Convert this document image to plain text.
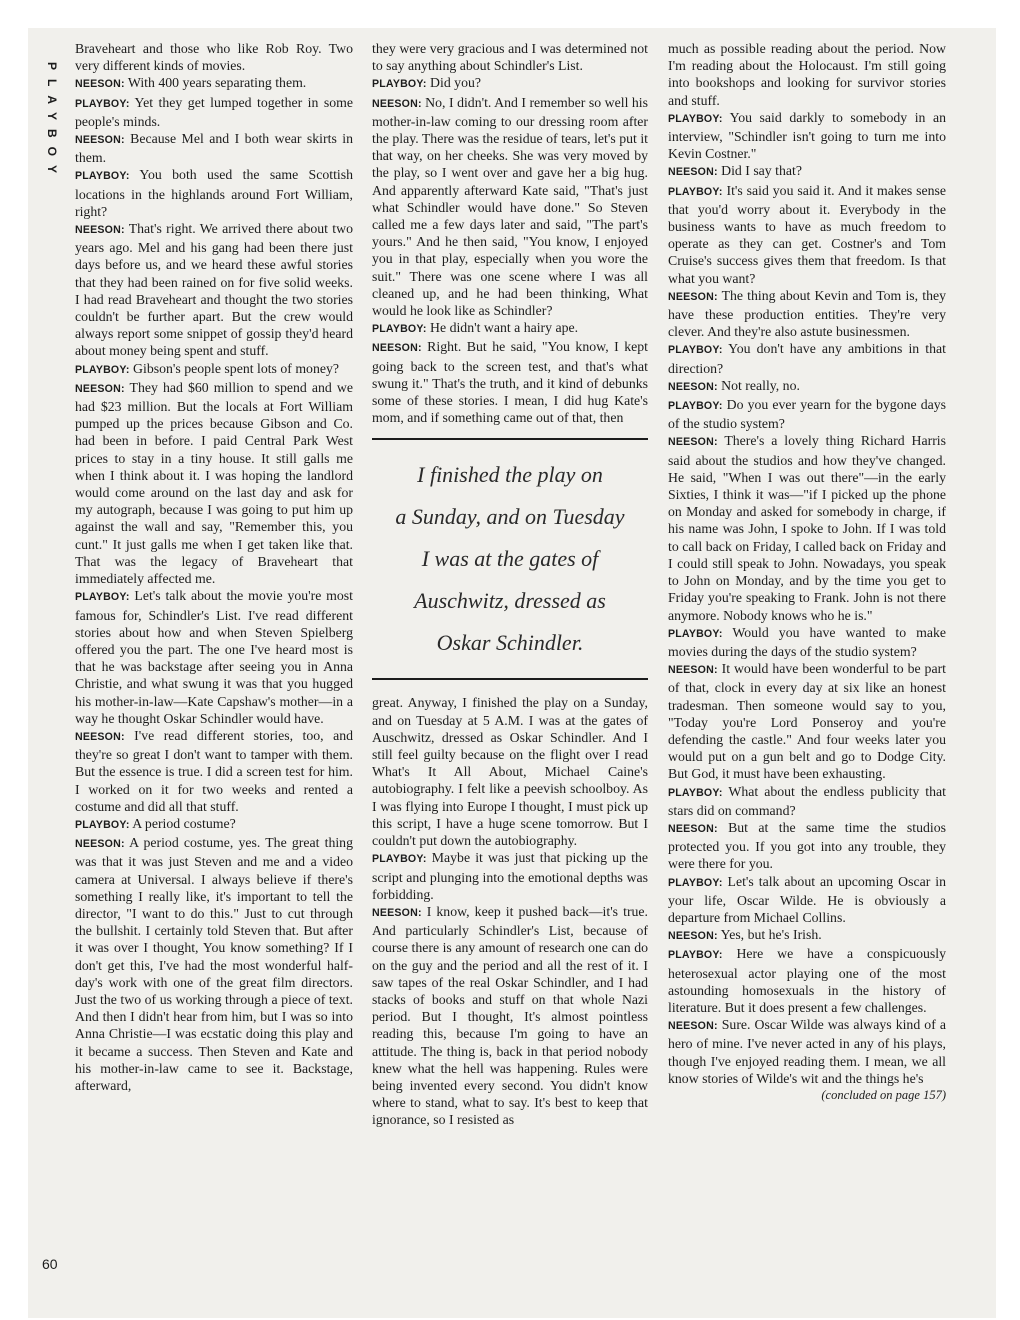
PLAYBOY

Braveheart and those who like Rob Roy. Two very different kinds of movies.

NEESON: With 400 years separating them.

PLAYBOY: Yet they get lumped together in some people's minds.

NEESON: Because Mel and I both wear skirts in them.

PLAYBOY: You both used the same Scottish locations in the highlands around Fort William, right?

NEESON: That's right. We arrived there about two years ago. Mel and his gang had been there just days before us, and we heard these awful stories that they had been rained on for five solid weeks. I had read Braveheart and thought the two stories couldn't be further apart. But the crew would always report some snippet of gossip they'd heard about money being spent and stuff.

PLAYBOY: Gibson's people spent lots of money?

NEESON: They had $60 million to spend and we had $23 million. But the locals at Fort William pumped up the prices because Gibson and Co. had been in before. I paid Central Park West prices to stay in a tiny house. It still galls me when I think about it. I was hoping the landlord would come around on the last day and ask for my autograph, because I was going to put him up against the wall and say, "Remember this, you cunt." It just galls me when I get taken like that. That was the legacy of Braveheart that immediately affected me.

PLAYBOY: Let's talk about the movie you're most famous for, Schindler's List. I've read different stories about how and when Steven Spielberg offered you the part. The one I've heard most is that he was backstage after seeing you in Anna Christie, and what swung it was that you hugged his mother-in-law—Kate Capshaw's mother—in a way he thought Oskar Schindler would have.

NEESON: I've read different stories, too, and they're so great I don't want to tamper with them. But the essence is true. I did a screen test for him. I worked on it for two weeks and rented a costume and did all that stuff.

PLAYBOY: A period costume?

NEESON: A period costume, yes. The great thing was that it was just Steven and me and a video camera at Universal. I always believe if there's something I really like, it's important to tell the director, "I want to do this." Just to cut through the bullshit. I certainly told Steven that. But after it was over I thought, You know something? If I don't get this, I've had the most wonderful half-day's work with one of the great film directors. Just the two of us working through a piece of text. And then I didn't hear from him, but I was so into Anna Christie—I was ecstatic doing this play and it became a success. Then Steven and Kate and his mother-in-law came to see it. Backstage, afterward,

they were very gracious and I was determined not to say anything about Schindler's List.

PLAYBOY: Did you?

NEESON: No, I didn't. And I remember so well his mother-in-law coming to our dressing room after the play. There was the residue of tears, let's put it that way, on her cheeks. She was very moved by the play, so I went over and gave her a big hug. And apparently afterward Kate said, "That's just what Schindler would have done." So Steven called me a few days later and said, "The part's yours." And he then said, "You know, I enjoyed you in that play, especially when you wore the suit." There was one scene where I was all cleaned up, and he had been thinking, What would he look like as Schindler?

PLAYBOY: He didn't want a hairy ape.

NEESON: Right. But he said, "You know, I kept going back to the screen test, and that's what swung it." That's the truth, and it kind of debunks some of these stories. I mean, I did hug Kate's mom, and if something came out of that, then

I finished the play on
a Sunday, and on Tuesday
I was at the gates of
Auschwitz, dressed as
Oskar Schindler.

great. Anyway, I finished the play on a Sunday, and on Tuesday at 5 A.M. I was at the gates of Auschwitz, dressed as Oskar Schindler. And I still feel guilty because on the flight over I read What's It All About, Michael Caine's autobiography. I felt like a peevish schoolboy. As I was flying into Europe I thought, I must pick up this script, I have a huge scene tomorrow. But I couldn't put down the autobiography.

PLAYBOY: Maybe it was just that picking up the script and plunging into the emotional depths was forbidding.

NEESON: I know, keep it pushed back—it's true. And particularly Schindler's List, because of course there is any amount of research one can do on the guy and the period and all the rest of it. I saw tapes of the real Oskar Schindler, and I had stacks of books and stuff on that whole Nazi period. But I thought, It's almost pointless reading this, because I'm going to have an attitude. The thing is, back in that period nobody knew what the hell was happening. Rules were being invented every second. You didn't know where to stand, what to say. It's best to keep that ignorance, so I resisted as

much as possible reading about the period. Now I'm reading about the Holocaust. I'm still going into bookshops and looking for survivor stories and stuff.

PLAYBOY: You said darkly to somebody in an interview, "Schindler isn't going to turn me into Kevin Costner."

NEESON: Did I say that?

PLAYBOY: It's said you said it. And it makes sense that you'd worry about it. Everybody in the business wants to have as much freedom to operate as they can get. Costner's and Tom Cruise's success gives them that freedom. Is that what you want?

NEESON: The thing about Kevin and Tom is, they have these production entities. They're very clever. And they're also astute businessmen.

PLAYBOY: You don't have any ambitions in that direction?

NEESON: Not really, no.

PLAYBOY: Do you ever yearn for the bygone days of the studio system?

NEESON: There's a lovely thing Richard Harris said about the studios and how they've changed. He said, "When I was out there"—in the early Sixties, I think it was—"if I picked up the phone on Monday and asked for somebody in charge, if his name was John, I spoke to John. If I was told to call back on Friday, I called back on Friday and I could still speak to John. Nowadays, you speak to John on Monday, and by the time you get to Friday you're speaking to Frank. John is not there anymore. Nobody knows who he is."

PLAYBOY: Would you have wanted to make movies during the days of the studio system?

NEESON: It would have been wonderful to be part of that, clock in every day at six like an honest tradesman. Then someone would say to you, "Today you're Lord Ponseroy and you're defending the castle." And four weeks later you would put on a gun belt and go to Dodge City. But God, it must have been exhausting.

PLAYBOY: What about the endless publicity that stars did on command?

NEESON: But at the same time the studios protected you. If you got into any trouble, they were there for you.

PLAYBOY: Let's talk about an upcoming Oscar in your life, Oscar Wilde. He is obviously a departure from Michael Collins.

NEESON: Yes, but he's Irish.

PLAYBOY: Here we have a conspicuously heterosexual actor playing one of the most astounding homosexuals in the history of literature. But it does present a few challenges.

NEESON: Sure. Oscar Wilde was always kind of a hero of mine. I've never acted in any of his plays, though I've enjoyed reading them. I mean, we all know stories of Wilde's wit and the things he's

(concluded on page 157)

60
